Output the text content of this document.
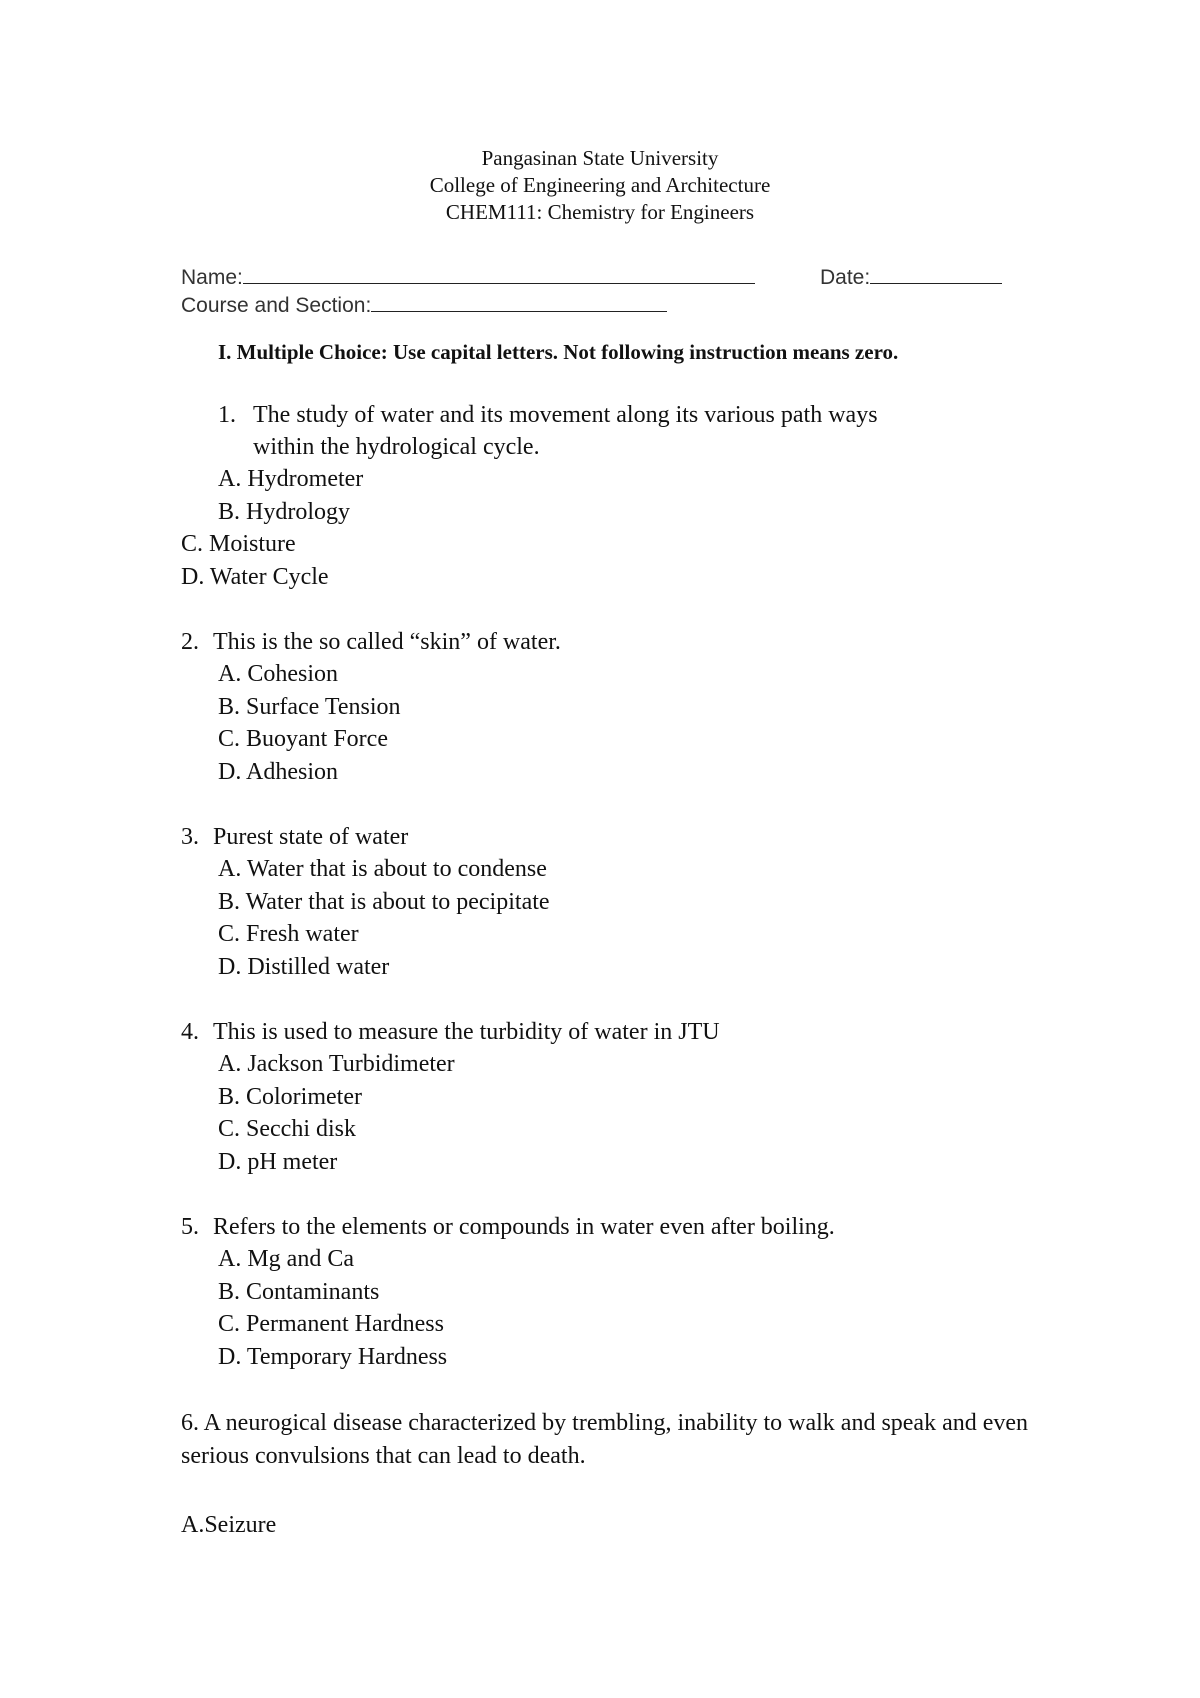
Pangasinan State University
College of Engineering and Architecture
CHEM111: Chemistry for Engineers
Name:	Date:
Course and Section:
I. Multiple Choice: Use capital letters. Not following instruction means zero.
1. The study of water and its movement along its various path ways
within the hydrological cycle.
A. Hydrometer
B. Hydrology
C. Moisture
D. Water Cycle
2. This is the so called “skin” of water.
A. Cohesion
B. Surface Tension
C. Buoyant Force
D. Adhesion
3. Purest state of water
A. Water that is about to condense
B. Water that is about to pecipitate
C. Fresh water
D. Distilled water
4. This is used to measure the turbidity of water in JTU
A. Jackson Turbidimeter
B. Colorimeter
C. Secchi disk
D. pH meter
5. Refers to the elements or compounds in water even after boiling.
A. Mg and Ca
B. Contaminants
C. Permanent Hardness
D. Temporary Hardness
6. A neurogical disease characterized by trembling, inability to walk and speak and even serious convulsions that can lead to death.
A.Seizure
